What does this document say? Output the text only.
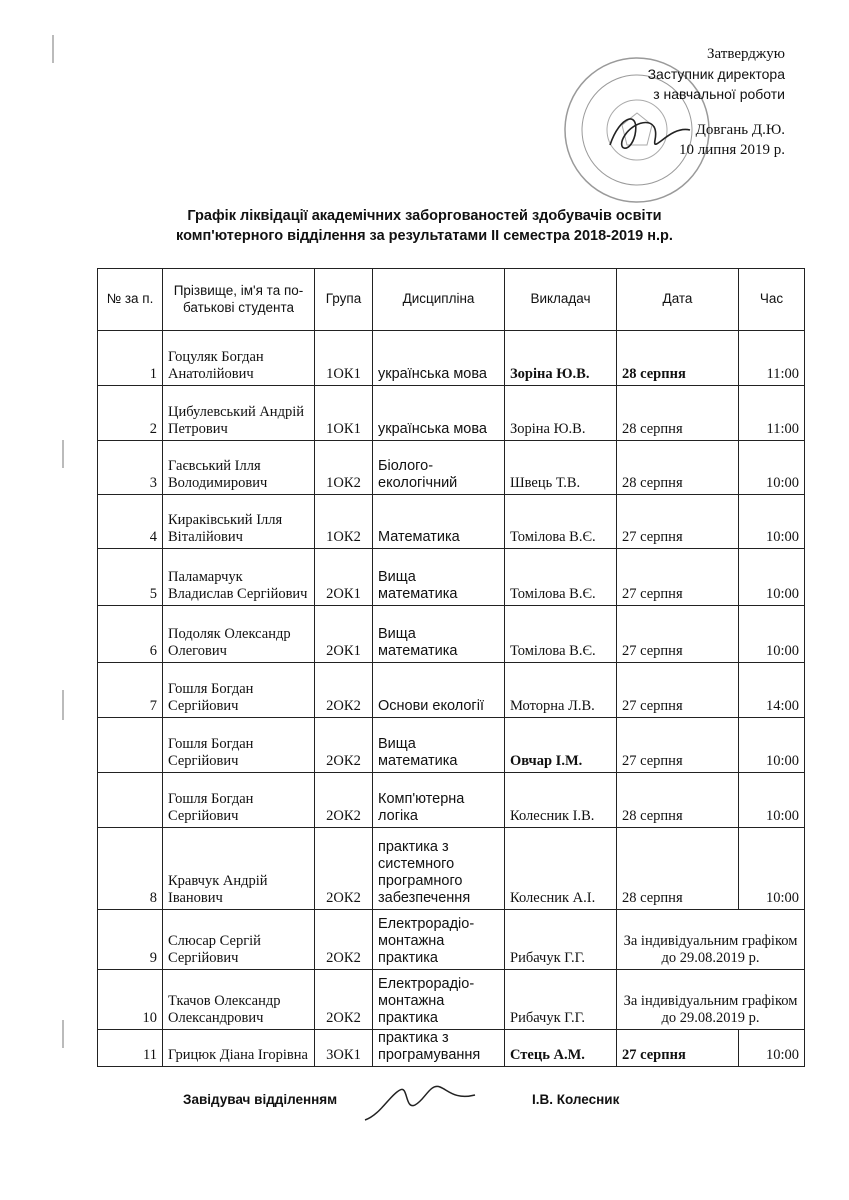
Затверджую
Заступник директора
з навчальної роботи
Довгань Д.Ю.
10 липня 2019 р.
Графік ліквідації академічних заборгованостей здобувачів освіти
комп'ютерного відділення за результатами ІІ семестра 2018-2019 н.р.
№ за п.	Прізвище, ім'я та по-батькові студента	Група	Дисципліна	Викладач	Дата	Час
1	Гоцуляк Богдан Анатолійович	1ОК1	українська мова	Зоріна Ю.В.	28 серпня	11:00
2	Цибулевський Андрій Петрович	1ОК1	українська мова	Зоріна Ю.В.	28 серпня	11:00
3	Гаєвський Ілля Володимирович	1ОК2	Біолого-екологічний	Швець Т.В.	28 серпня	10:00
4	Кираківський Ілля Віталійович	1ОК2	Математика	Томілова В.Є.	27 серпня	10:00
5	Паламарчук Владислав Сергійович	2ОК1	Вища математика	Томілова В.Є.	27 серпня	10:00
6	Подоляк Олександр Олегович	2ОК1	Вища математика	Томілова В.Є.	27 серпня	10:00
7	Гошля Богдан Сергійович	2ОК2	Основи екології	Моторна Л.В.	27 серпня	14:00
	Гошля Богдан Сергійович	2ОК2	Вища математика	Овчар І.М.	27 серпня	10:00
	Гошля Богдан Сергійович	2ОК2	Комп'ютерна логіка	Колесник І.В.	28 серпня	10:00
8	Кравчук Андрій Іванович	2ОК2	практика з системного програмного забезпечення	Колесник А.І.	28 серпня	10:00
9	Слюсар Сергій Сергійович	2ОК2	Електрорадіо-монтажна практика	Рибачук Г.Г.	За індивідуальним графіком до 29.08.2019 р.	
10	Ткачов Олександр Олександрович	2ОК2	Електрорадіо-монтажна практика	Рибачук Г.Г.	За індивідуальним графіком до 29.08.2019 р.	
11	Грицюк Діана Ігорівна	3ОК1	практика з програмування	Стець А.М.	27 серпня	10:00
Завідувач відділенням	І.В. Колесник
